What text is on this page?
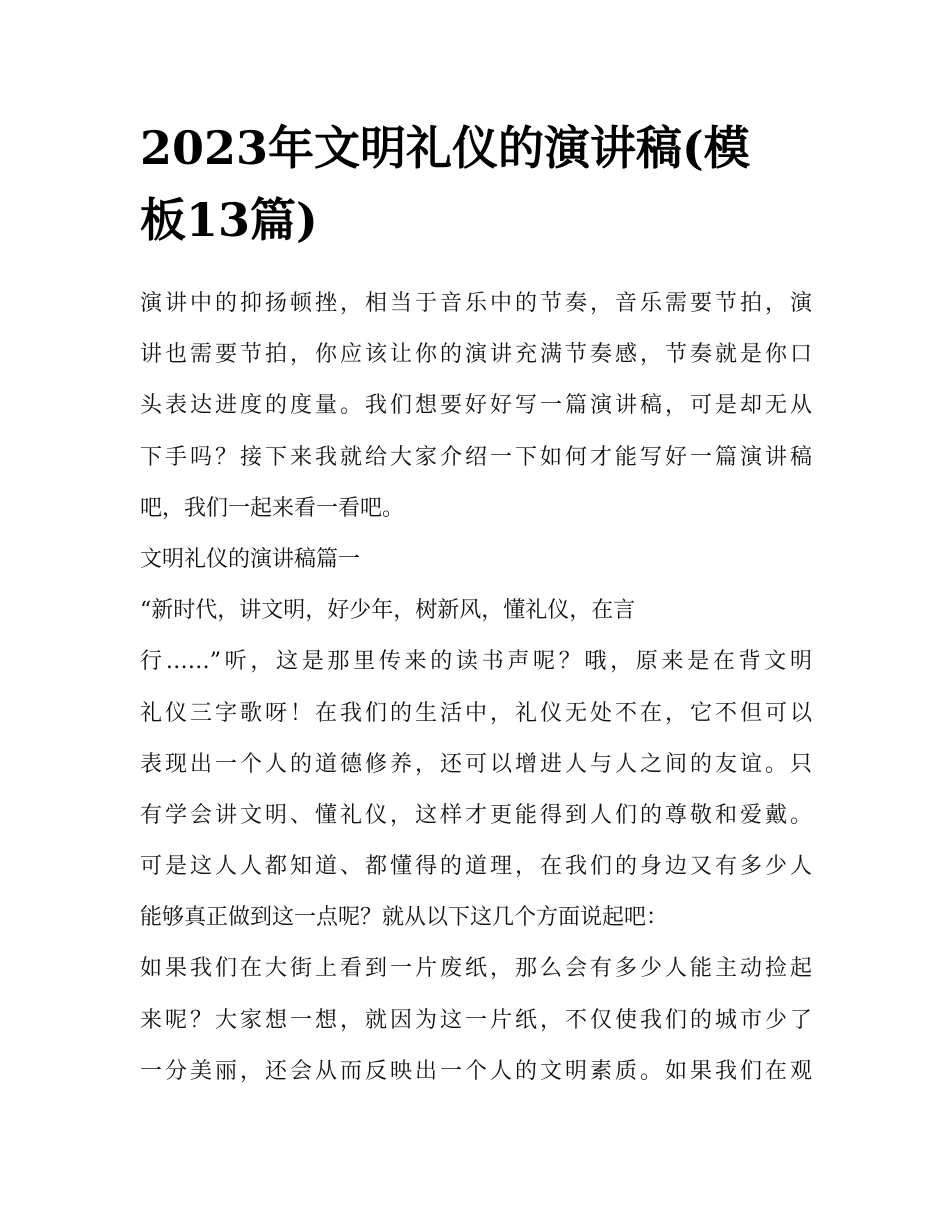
2023年文明礼仪的演讲稿(模
板13篇)
演讲中的抑扬顿挫，相当于音乐中的节奏，音乐需要节拍，演
讲也需要节拍，你应该让你的演讲充满节奏感，节奏就是你口
头表达进度的度量。我们想要好好写一篇演讲稿，可是却无从
下手吗？接下来我就给大家介绍一下如何才能写好一篇演讲稿
吧，我们一起来看一看吧。
文明礼仪的演讲稿篇一
“新时代，讲文明，好少年，树新风，懂礼仪，在言
行……”听，这是那里传来的读书声呢？哦，原来是在背文明
礼仪三字歌呀！在我们的生活中，礼仪无处不在，它不但可以
表现出一个人的道德修养，还可以增进人与人之间的友谊。只
有学会讲文明、懂礼仪，这样才更能得到人们的尊敬和爱戴。
可是这人人都知道、都懂得的道理，在我们的身边又有多少人
能够真正做到这一点呢？就从以下这几个方面说起吧：
如果我们在大街上看到一片废纸，那么会有多少人能主动捡起
来呢？大家想一想，就因为这一片纸，不仅使我们的城市少了
一分美丽，还会从而反映出一个人的文明素质。如果我们在观
